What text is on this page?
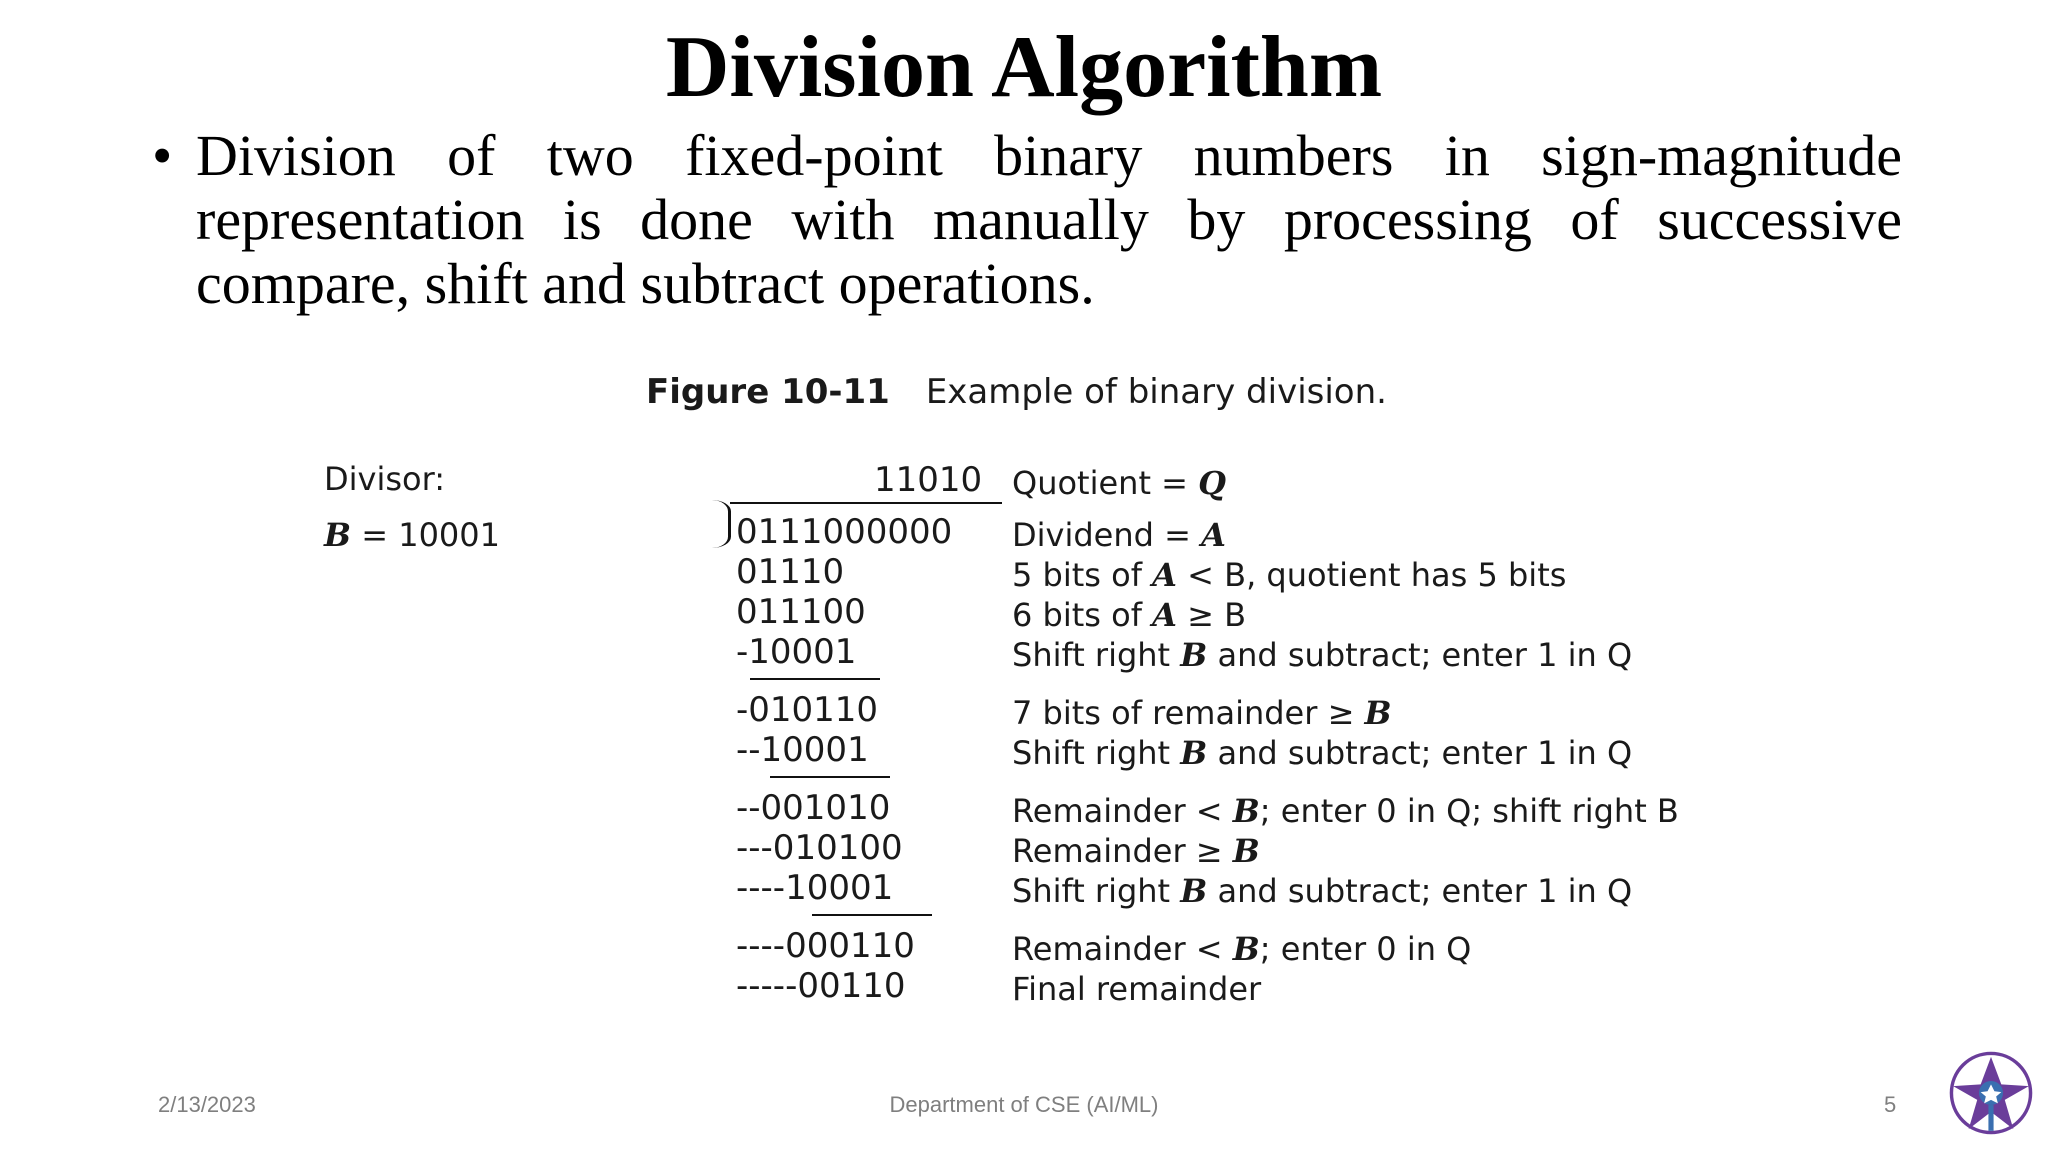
Division Algorithm
• Division of two fixed-point binary numbers in sign-magnitude representation is done with manually by processing of successive compare, shift and subtract operations.
Figure 10-11 Example of binary division.
Divisor:
B = 10001
11010
0111000000
01110
011100
-10001
-010110
--10001
--001010
---010100
----10001
----000110
-----00110
Quotient = Q
Dividend = A
5 bits of A < B, quotient has 5 bits
6 bits of A ≥ B
Shift right B and subtract; enter 1 in Q
7 bits of remainder ≥ B
Shift right B and subtract; enter 1 in Q
Remainder < B; enter 0 in Q; shift right B
Remainder ≥ B
Shift right B and subtract; enter 1 in Q
Remainder < B; enter 0 in Q
Final remainder
2/13/2023	Department of CSE (AI/ML)	5
